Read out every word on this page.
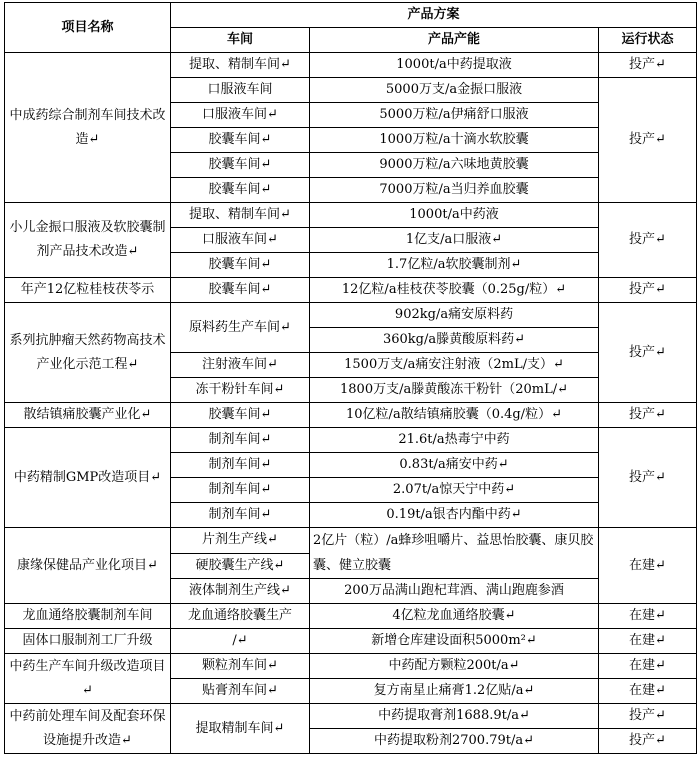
项目名称	产品方案		
	车间	产品产能	运行状态
中成药综合制剂车间技术改造↵	提取、精制车间↵	1000t/a中药提取液	投产↵
	口服液车间	5000万支/a金振口服液	投产↵
	口服液车间↵	5000万粒/a伊痛舒口服液	
	胶囊车间↵	1000万粒/a十滴水软胶囊	
	胶囊车间↵	9000万粒/a六味地黄胶囊	
	胶囊车间↵	7000万粒/a当归养血胶囊	
小儿金振口服液及软胶囊制剂产品技术改造↵	提取、精制车间↵	1000t/a中药液	投产↵
	口服液车间↵	1亿支/a口服液↵	
	胶囊车间↵	1.7亿粒/a软胶囊制剂↵	
年产12亿粒桂枝茯苓示	胶囊车间↵	12亿粒/a桂枝茯苓胶囊（0.25g/粒）↵	投产↵
系列抗肿瘤天然药物高技术产业化示范工程↵	原料药生产车间↵	902kg/a痛安原料药	投产↵
		360kg/a滕黄酸原料药↵	
	注射液车间↵	1500万支/a痛安注射液（2mL/支）↵	
	冻干粉针车间↵	1800万支/a滕黄酸冻干粉针（20mL/↵	
散结镇痛胶囊产业化↵	胶囊车间↵	10亿粒/a散结镇痛胶囊（0.4g/粒）↵	投产↵
中药精制GMP改造项目↵	制剂车间↵	21.6t/a热毒宁中药	投产↵
	制剂车间↵	0.83t/a痛安中药↵	
	制剂车间↵	2.07t/a惊天宁中药↵	
	制剂车间↵	0.19t/a银杏内酯中药↵	
康缘保健品产业化项目↵	片剂生产线↵	2亿片（粒）/a蜂珍咀嚼片、益思怡胶囊、康贝胶囊、健立胶囊	在建↵
	硬胶囊生产线↵		
	液体制剂生产线↵	200万品满山跑杞茸酒、满山跑鹿参酒	
龙血通络胶囊制剂车间	龙血通络胶囊生产	4亿粒龙血通络胶囊↵	在建↵
固体口服制剂工厂升级	/↵	新增仓库建设面积5000m²↵	在建↵
中药生产车间升级改造项目↵	颗粒剂车间↵	中药配方颗粒200t/a↵	在建↵
	贴膏剂车间↵	复方南星止痛膏1.2亿贴/a↵	在建↵
中药前处理车间及配套环保设施提升改造↵	提取精制车间↵	中药提取膏剂1688.9t/a↵	投产↵
		中药提取粉剂2700.79t/a↵	投产↵
